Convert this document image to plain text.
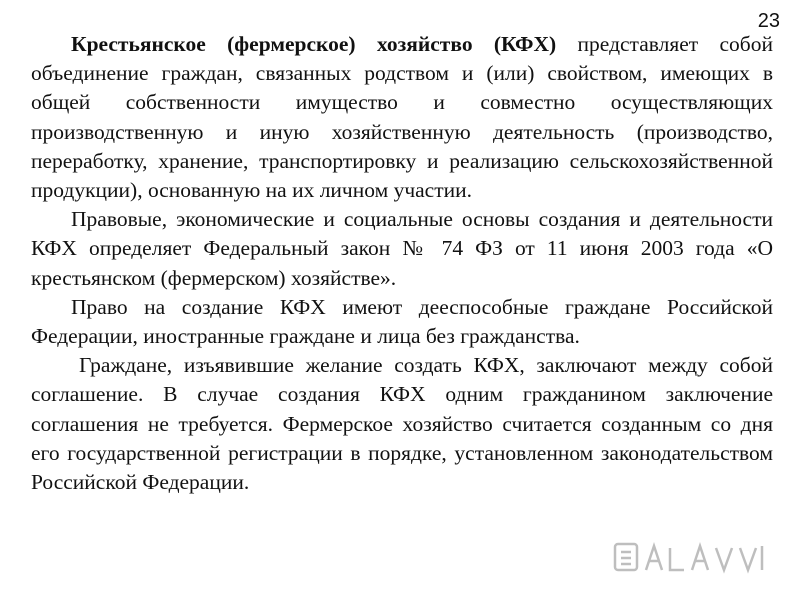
23

Крестьянское (фермерское) хозяйство (КФХ) представляет собой объединение граждан, связанных родством и (или) свойством, имеющих в общей собственности имущество и совместно осуществляющих производственную и иную хозяйственную деятельность (производство, переработку, хранение, транспортировку и реализацию сельскохозяйственной продукции), основанную на их личном участии.

Правовые, экономические и социальные основы создания и деятельности КФХ определяет Федеральный закон № 74 ФЗ от 11 июня 2003 года «О крестьянском (фермерском) хозяйстве».

Право на создание КФХ имеют дееспособные граждане Российской Федерации, иностранные граждане и лица без гражданства.

Граждане, изъявившие желание создать КФХ, заключают между собой соглашение. В случае создания КФХ одним гражданином заключение соглашения не требуется. Фермерское хозяйство считается созданным со дня его государственной регистрации в порядке, установленном законодательством Российской Федерации.
